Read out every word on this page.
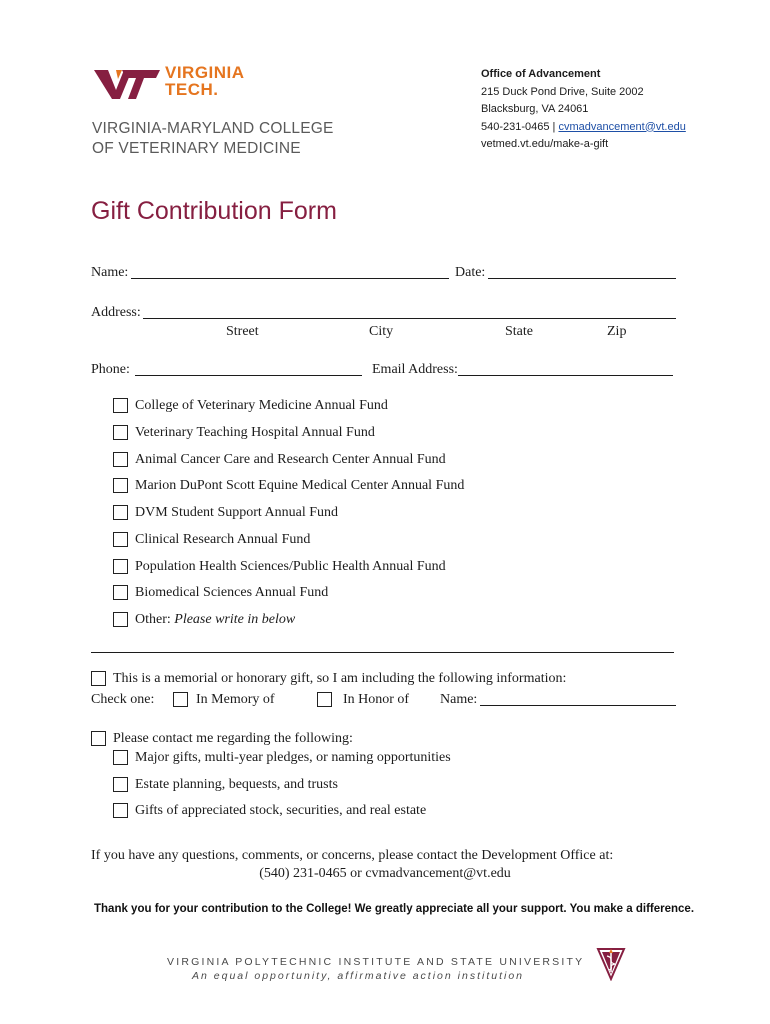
VIRGINIA
TECH.
VIRGINIA-MARYLAND COLLEGE
OF VETERINARY MEDICINE
Office of Advancement
215 Duck Pond Drive, Suite 2002
Blacksburg, VA 24061
540-231-0465 | cvmadvancement@vt.edu
vetmed.vt.edu/make-a-gift
Gift Contribution Form
Name:	Date:
Address:
Street	City	State	Zip
Phone:	Email Address:
College of Veterinary Medicine Annual Fund
Veterinary Teaching Hospital Annual Fund
Animal Cancer Care and Research Center Annual Fund
Marion DuPont Scott Equine Medical Center Annual Fund
DVM Student Support Annual Fund
Clinical Research Annual Fund
Population Health Sciences/Public Health Annual Fund
Biomedical Sciences Annual Fund
Other: Please write in below
This is a memorial or honorary gift, so I am including the following information:
Check one:	In Memory of	In Honor of Name:
Please contact me regarding the following:
Major gifts, multi-year pledges, or naming opportunities
Estate planning, bequests, and trusts
Gifts of appreciated stock, securities, and real estate
If you have any questions, comments, or concerns, please contact the Development Office at:
(540) 231-0465 or cvmadvancement@vt.edu
Thank you for your contribution to the College! We greatly appreciate all your support. You make a difference.
VIRGINIA POLYTECHNIC INSTITUTE AND STATE UNIVERSITY
An equal opportunity, affirmative action institution
